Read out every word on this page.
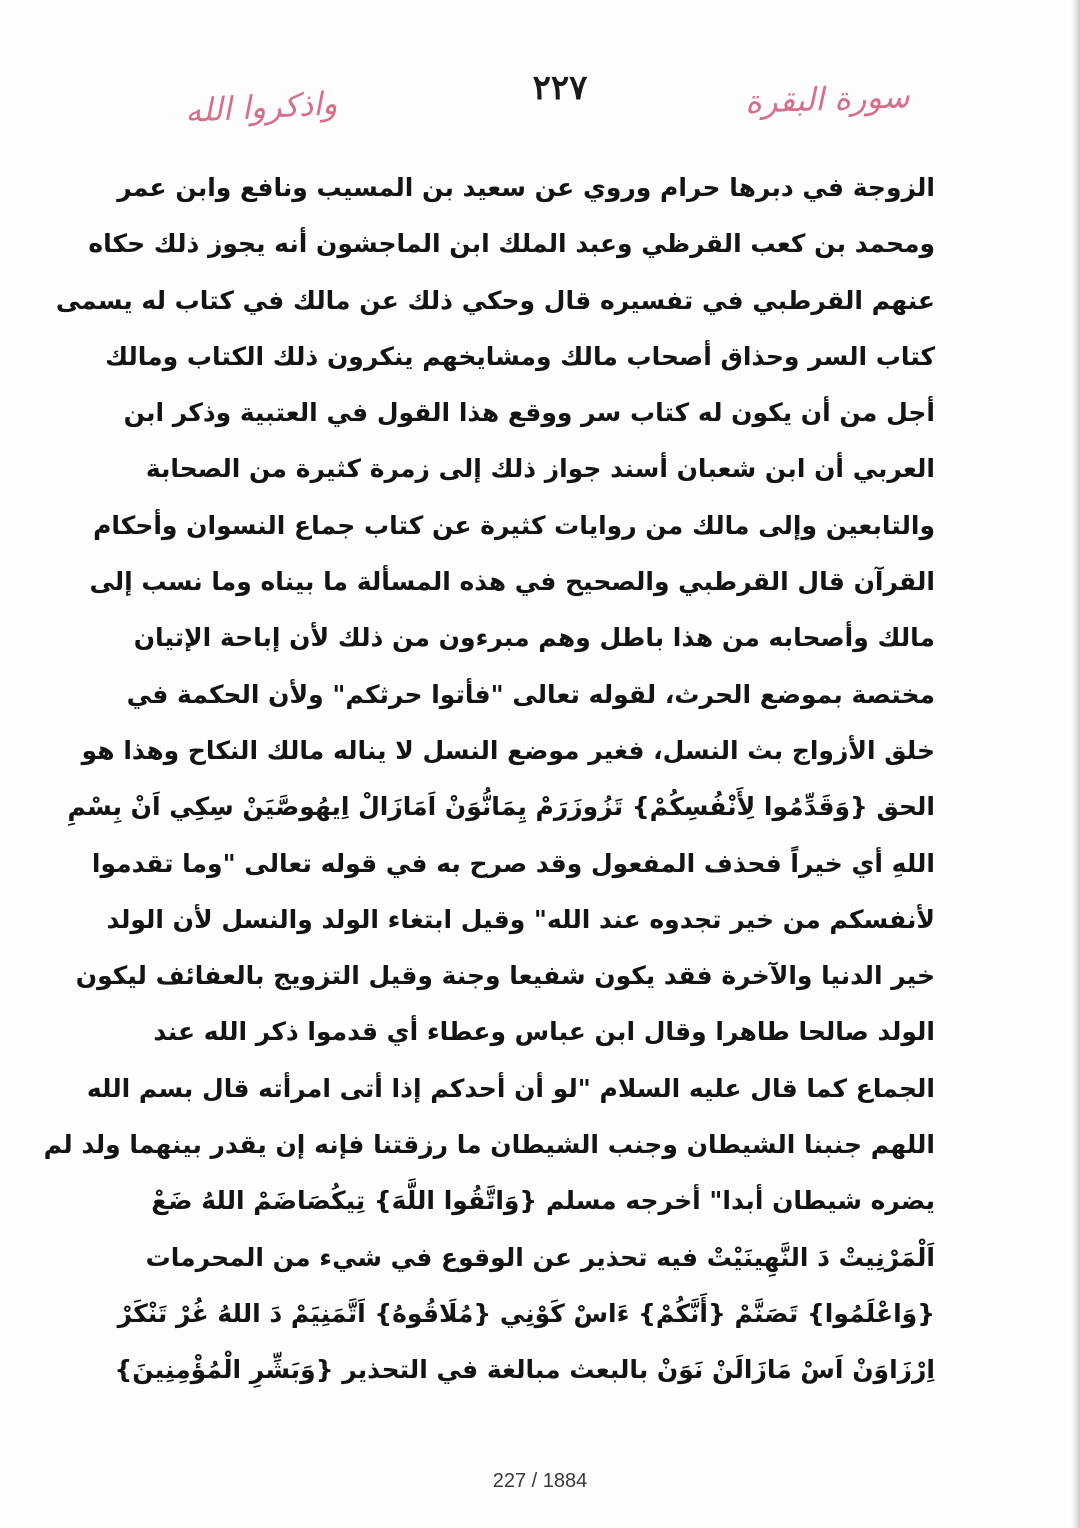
سورة البقرة
٢٢٧
واذكروا الله
الزوجة في دبرها حرام وروي عن سعيد بن المسيب ونافع وابن عمر
ومحمد بن كعب القرظي وعبد الملك ابن الماجشون أنه يجوز ذلك حكاه
عنهم القرطبي في تفسيره قال وحكي ذلك عن مالك في كتاب له يسمى
كتاب السر وحذاق أصحاب مالك ومشايخهم ينكرون ذلك الكتاب ومالك
أجل من أن يكون له كتاب سر ووقع هذا القول في العتبية وذكر ابن
العربي أن ابن شعبان أسند جواز ذلك إلى زمرة كثيرة من الصحابة
والتابعين وإلى مالك من روايات كثيرة عن كتاب جماع النسوان وأحكام
القرآن قال القرطبي والصحيح في هذه المسألة ما بيناه وما نسب إلى
مالك وأصحابه من هذا باطل وهم مبرءون من ذلك لأن إباحة الإتيان
مختصة بموضع الحرث، لقوله تعالى "فأتوا حرثكم" ولأن الحكمة في
خلق الأزواج بث النسل، فغير موضع النسل لا يناله مالك النكاح وهذا هو
الحق {وَقَدِّمُوا لِأَنْفُسِكُمْ} تَزُوزَرَمْ يِمَانُّوَنْ اَمَازَالْ اِيهُوصَّيَنْ سِكِي اَنْ بِسْمِ
اللهِ أي خيراً فحذف المفعول وقد صرح به في قوله تعالى "وما تقدموا
لأنفسكم من خير تجدوه عند الله" وقيل ابتغاء الولد والنسل لأن الولد
خير الدنيا والآخرة فقد يكون شفيعا وجنة وقيل التزويج بالعفائف ليكون
الولد صالحا طاهرا وقال ابن عباس وعطاء أي قدموا ذكر الله عند
الجماع كما قال عليه السلام "لو أن أحدكم إذا أتى امرأته قال بسم الله
اللهم جنبنا الشيطان وجنب الشيطان ما رزقتنا فإنه إن يقدر بينهما ولد لم
يضره شيطان أبدا" أخرجه مسلم {وَاتَّقُوا اللَّهَ} تِيكُصَاضَمْ اللهُ ضَعْ
اَلْمَرْنِيتْ دَ النَّهِينَيْتْ فيه تحذير عن الوقوع في شيء من المحرمات
{وَاعْلَمُوا} تَصَنَّمْ {أَنَّكُمْ} ءَاسْ كَوْنِي {مُلَاقُوهُ} اَتَّمَنِيَمْ دَ اللهُ غُرْ تَنْكَرْ
اِرْزَاوَنْ اَسْ مَازَالَنْ نَوَنْ بالبعث مبالغة في التحذير {وَبَشِّرِ الْمُؤْمِنِينَ}
227 / 1884
